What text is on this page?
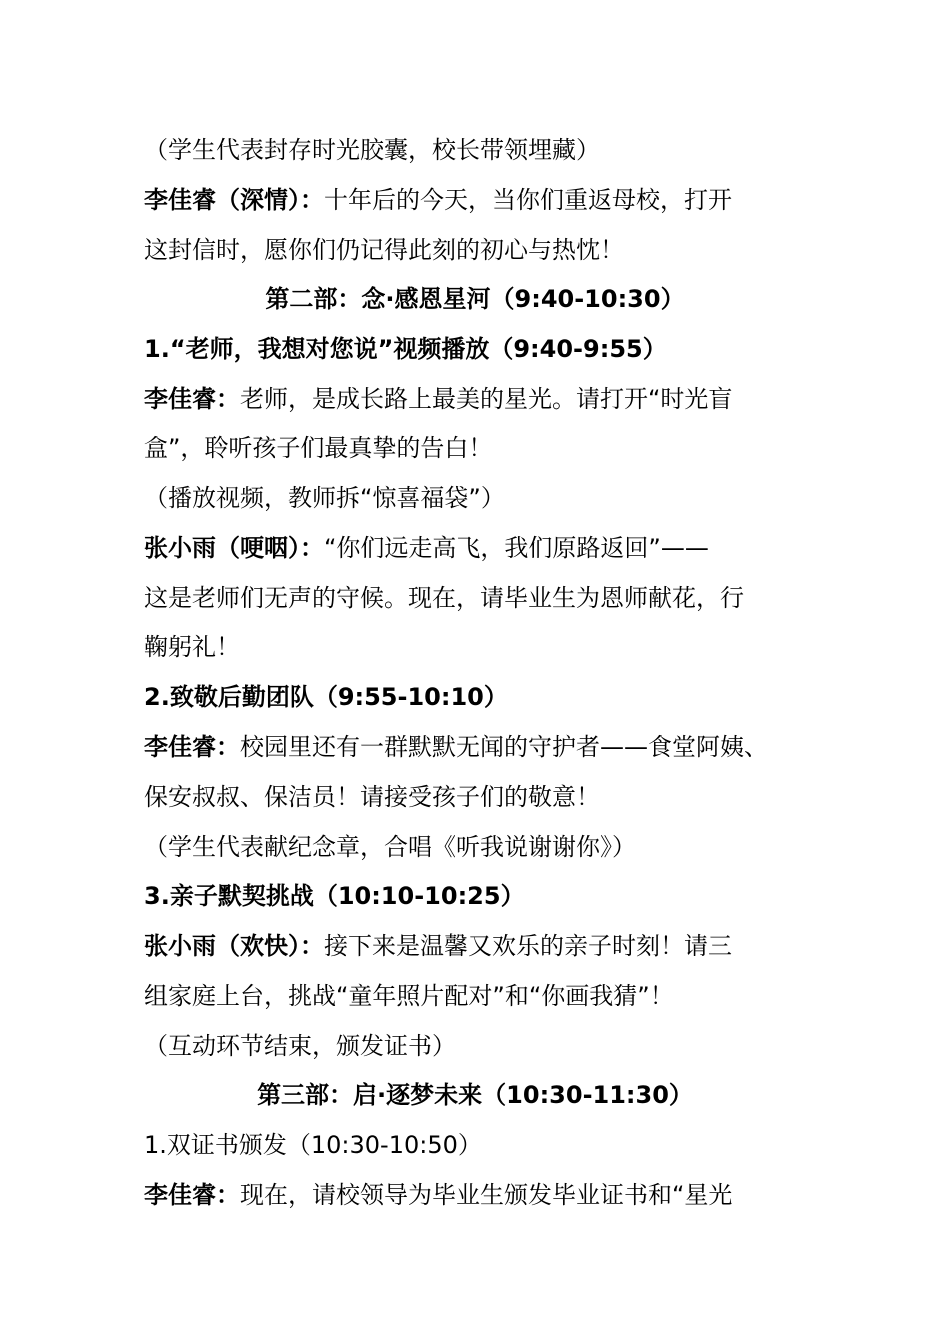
（学生代表封存时光胶囊，校长带领埋藏）
李佳睿（深情）：十年后的今天，当你们重返母校，打开
这封信时，愿你们仍记得此刻的初心与热忱！
第二部：念·感恩星河（9:40-10:30）
1.“老师，我想对您说”视频播放（9:40-9:55）
李佳睿：老师，是成长路上最美的星光。请打开“时光盲
盒”，聆听孩子们最真挚的告白！
（播放视频，教师拆“惊喜福袋”）
张小雨（哽咽）：“你们远走高飞，我们原路返回”——
这是老师们无声的守候。现在，请毕业生为恩师献花，行
鞠躬礼！
2.致敬后勤团队（9:55-10:10）
李佳睿：校园里还有一群默默无闻的守护者——食堂阿姨、
保安叔叔、保洁员！请接受孩子们的敬意！
（学生代表献纪念章，合唱《听我说谢谢你》）
3.亲子默契挑战（10:10-10:25）
张小雨（欢快）：接下来是温馨又欢乐的亲子时刻！请三
组家庭上台，挑战“童年照片配对”和“你画我猜”！
（互动环节结束，颁发证书）
第三部：启·逐梦未来（10:30-11:30）
1.双证书颁发（10:30-10:50）
李佳睿：现在，请校领导为毕业生颁发毕业证书和“星光
